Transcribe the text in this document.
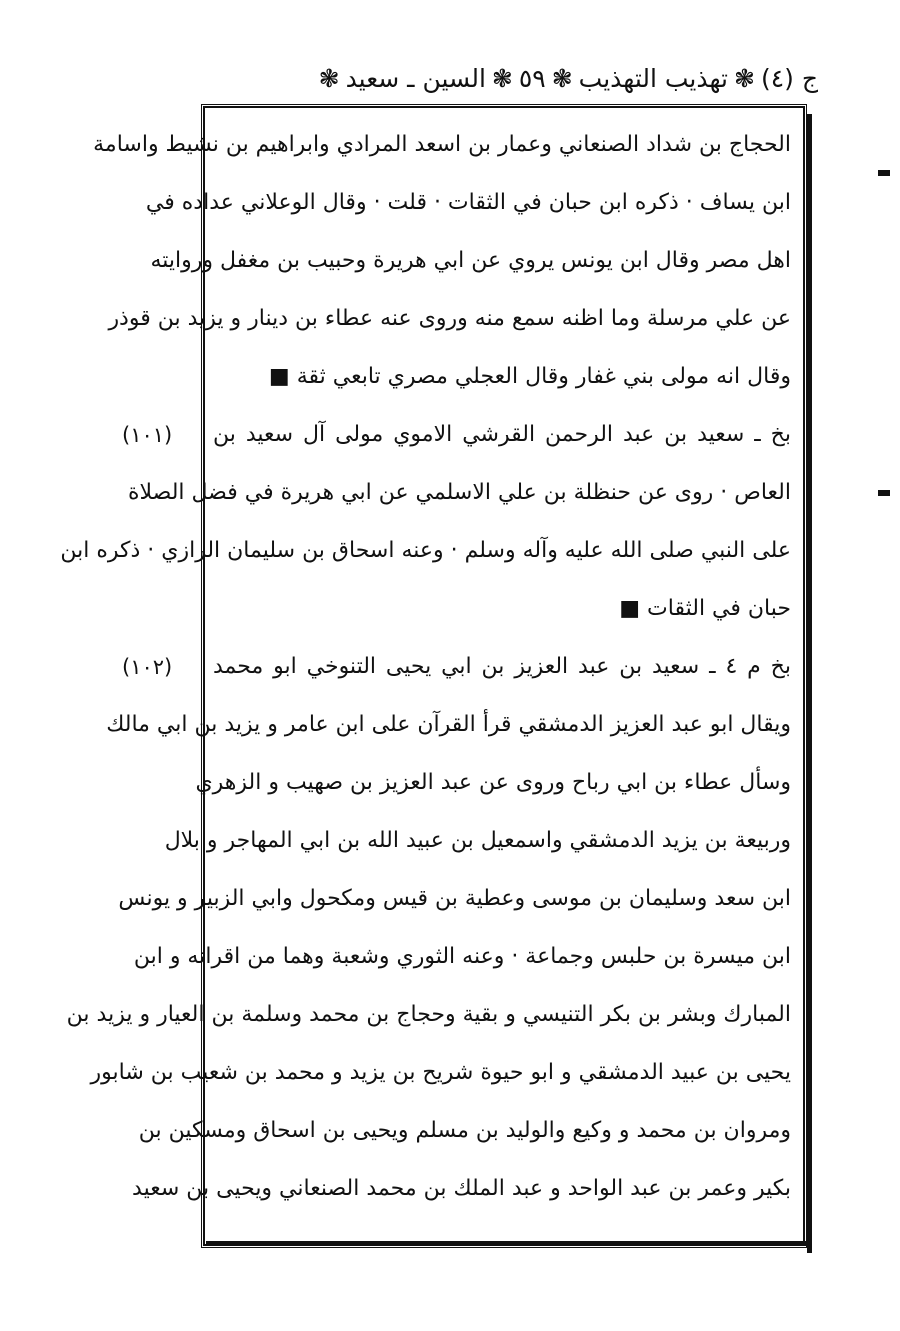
ج (٤)
❃
تهذيب التهذيب
❃
٥٩
❃
السين ـ سعيد
❃
(١٠١)
(١٠٢)
الحجاج بن شداد الصنعاني وعمار بن اسعد المرادي وابراهيم بن نشيط واسامة
ابن يساف · ذكره ابن حبان في الثقات · قلت · وقال الوعلاني عداده في
اهل مصر وقال ابن يونس يروي عن ابي هريرة وحبيب بن مغفل وروايته
عن علي مرسلة وما اظنه سمع منه وروى عنه عطاء بن دينار و يزيد بن قوذر
وقال انه مولى بني غفار وقال العجلي مصري تابعي ثقة ■
بخ ـ سعيد بن عبد الرحمن القرشي الاموي مولى آل سعيد بن
العاص · روى عن حنظلة بن علي الاسلمي عن ابي هريرة في فضل الصلاة
على النبي صلى الله عليه وآله وسلم · وعنه اسحاق بن سليمان الرازي · ذكره ابن
حبان في الثقات ■
بخ م ٤ ـ سعيد بن عبد العزيز بن ابي يحيى التنوخي ابو محمد
ويقال ابو عبد العزيز الدمشقي قرأ القرآن على ابن عامر و يزيد بن ابي مالك
وسأل عطاء بن ابي رباح وروى عن عبد العزيز بن صهيب و الزهري
وربيعة بن يزيد الدمشقي واسمعيل بن عبيد الله بن ابي المهاجر و بلال
ابن سعد وسليمان بن موسى وعطية بن قيس ومكحول وابي الزبير و يونس
ابن ميسرة بن حلبس وجماعة · وعنه الثوري وشعبة وهما من اقرانه و ابن
المبارك وبشر بن بكر التنيسي و بقية وحجاج بن محمد وسلمة بن العيار و يزيد بن
يحيى بن عبيد الدمشقي و ابو حيوة شريح بن يزيد و محمد بن شعيب بن شابور
ومروان بن محمد و وكيع والوليد بن مسلم ويحيى بن اسحاق ومسكين بن
بكير وعمر بن عبد الواحد و عبد الملك بن محمد الصنعاني ويحيى بن سعيد
